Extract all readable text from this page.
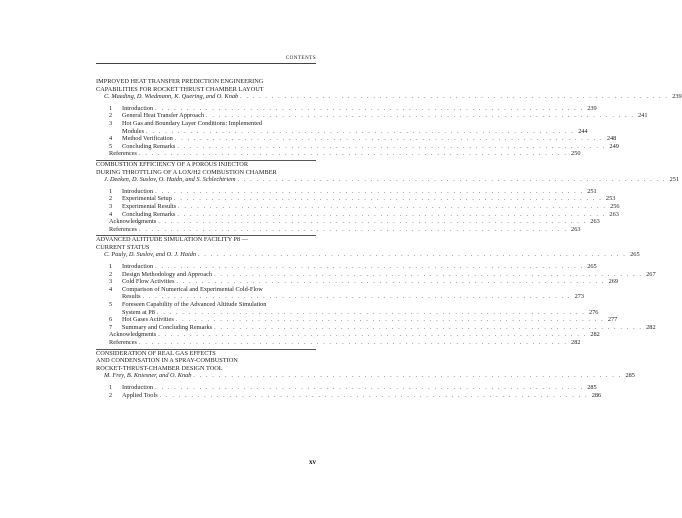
CONTENTS
IMPROVED HEAT TRANSFER PREDICTION ENGINEERING
CAPABILITIES FOR ROCKET THRUST CHAMBER LAYOUT
C. Maeding, D. Wiedmann, K. Quering, and O. Knab . . .	239
1	Introduction . . .	239
2	General Heat Transfer Approach . . .	241
3	Hot Gas and Boundary Layer Conditions: Implemented
Modules . . .	244
4	Method Verification . . .	248
5	Concluding Remarks . . .	249
References . . .	250
COMBUSTION EFFICIENCY OF A POROUS INJECTOR
DURING THROTTLING OF A LOX/H2 COMBUSTION CHAMBER
J. Deeken, D. Suslov, O. Haidn, and S. Schlechtriem . . .	251
1	Introduction . . .	251
2	Experimental Setup . . .	253
3	Experimental Results . . .	256
4	Concluding Remarks . . .	263
Acknowledgments . . .	263
References . . .	263
ADVANCED ALTITUDE SIMULATION FACILITY P8 —
CURRENT STATUS
C. Pauly, D. Suslov, and O. J. Haidn . . .	265
1	Introduction . . .	265
2	Design Methodology and Approach . . .	267
3	Cold Flow Activities . . .	269
4	Comparison of Numerical and Experimental Cold-Flow
Results . . .	273
5	Foreseen Capability of the Advanced Altitude Simulation
System at P8 . . .	276
6	Hot Gases Activities . . .	277
7	Summary and Concluding Remarks . . .	282
Acknowledgments . . .	282
References . . .	282
CONSIDERATION OF REAL GAS EFFECTS
AND CONDENSATION IN A SPRAY-COMBUSTION
ROCKET-THRUST-CHAMBER DESIGN TOOL
M. Frey, B. Kniesner, and O. Knab . . .	285
1	Introduction . . .	285
2	Applied Tools . . .	286
xv
